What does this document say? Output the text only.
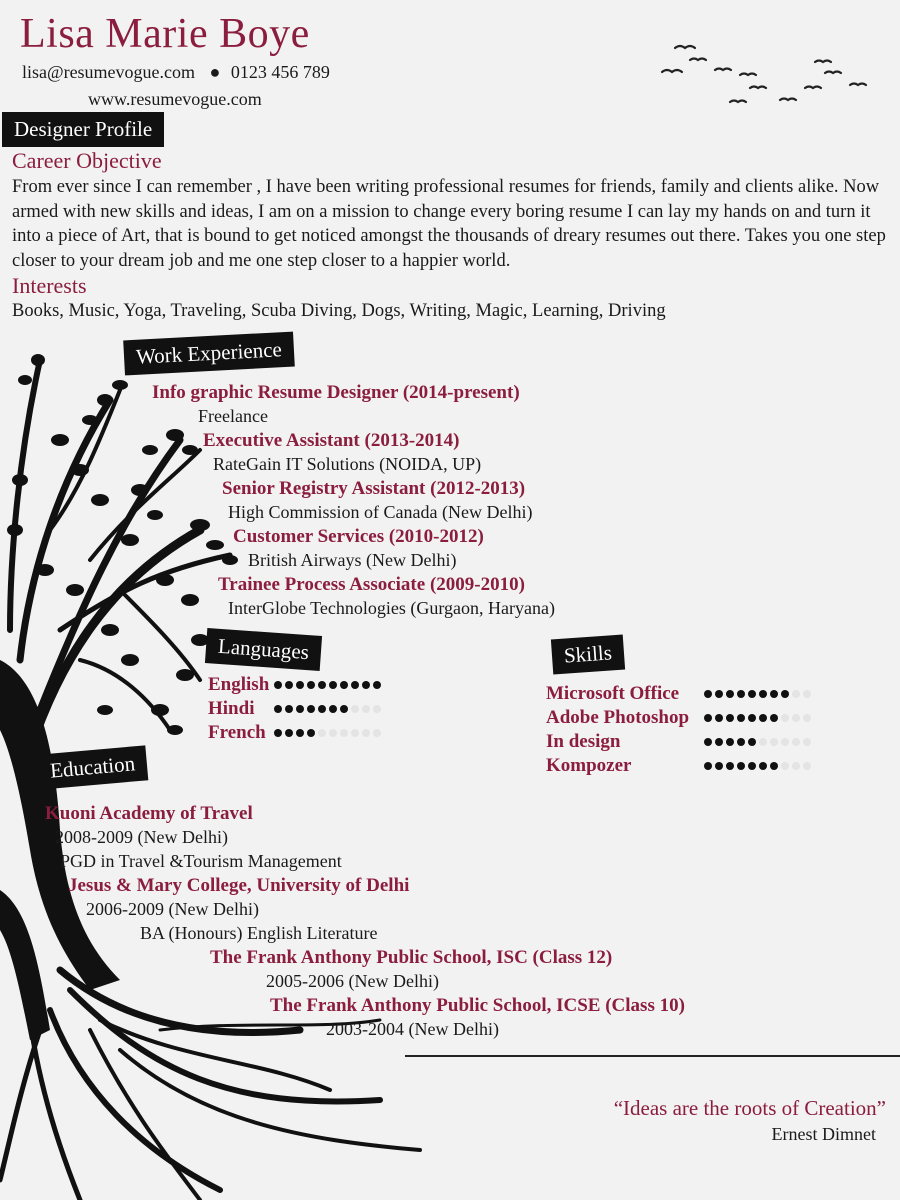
Lisa Marie Boye
lisa@resumevogue.com ● 0123 456 789
www.resumevogue.com
Designer Profile
Career Objective
From ever since I can remember , I have been writing professional resumes for friends, family and clients alike. Now armed with new skills and ideas, I am on a mission to change every boring resume I can lay my hands on and turn it into a piece of Art, that is bound to get noticed amongst the thousands of dreary resumes out there. Takes you one step closer to your dream job and me one step closer to a happier world.
Interests
Books, Music, Yoga, Traveling, Scuba Diving, Dogs, Writing, Magic, Learning, Driving
Work Experience
Info graphic Resume Designer (2014-present)
Freelance
Executive Assistant (2013-2014)
RateGain IT Solutions (NOIDA, UP)
Senior Registry Assistant (2012-2013)
High Commission of Canada (New Delhi)
Customer Services (2010-2012)
British Airways (New Delhi)
Trainee Process Associate (2009-2010)
InterGlobe Technologies (Gurgaon, Haryana)
Languages
English
Hindi
French
Skills
Microsoft Office
Adobe Photoshop
In design
Kompozer
Education
Kuoni Academy of Travel
2008-2009 (New Delhi)
PGD in Travel &Tourism Management
Jesus & Mary College, University of Delhi
2006-2009 (New Delhi)
BA (Honours) English Literature
The Frank Anthony Public School, ISC (Class 12)
2005-2006 (New Delhi)
The Frank Anthony Public School, ICSE (Class 10)
2003-2004 (New Delhi)
“Ideas are the roots of Creation”
Ernest Dimnet
